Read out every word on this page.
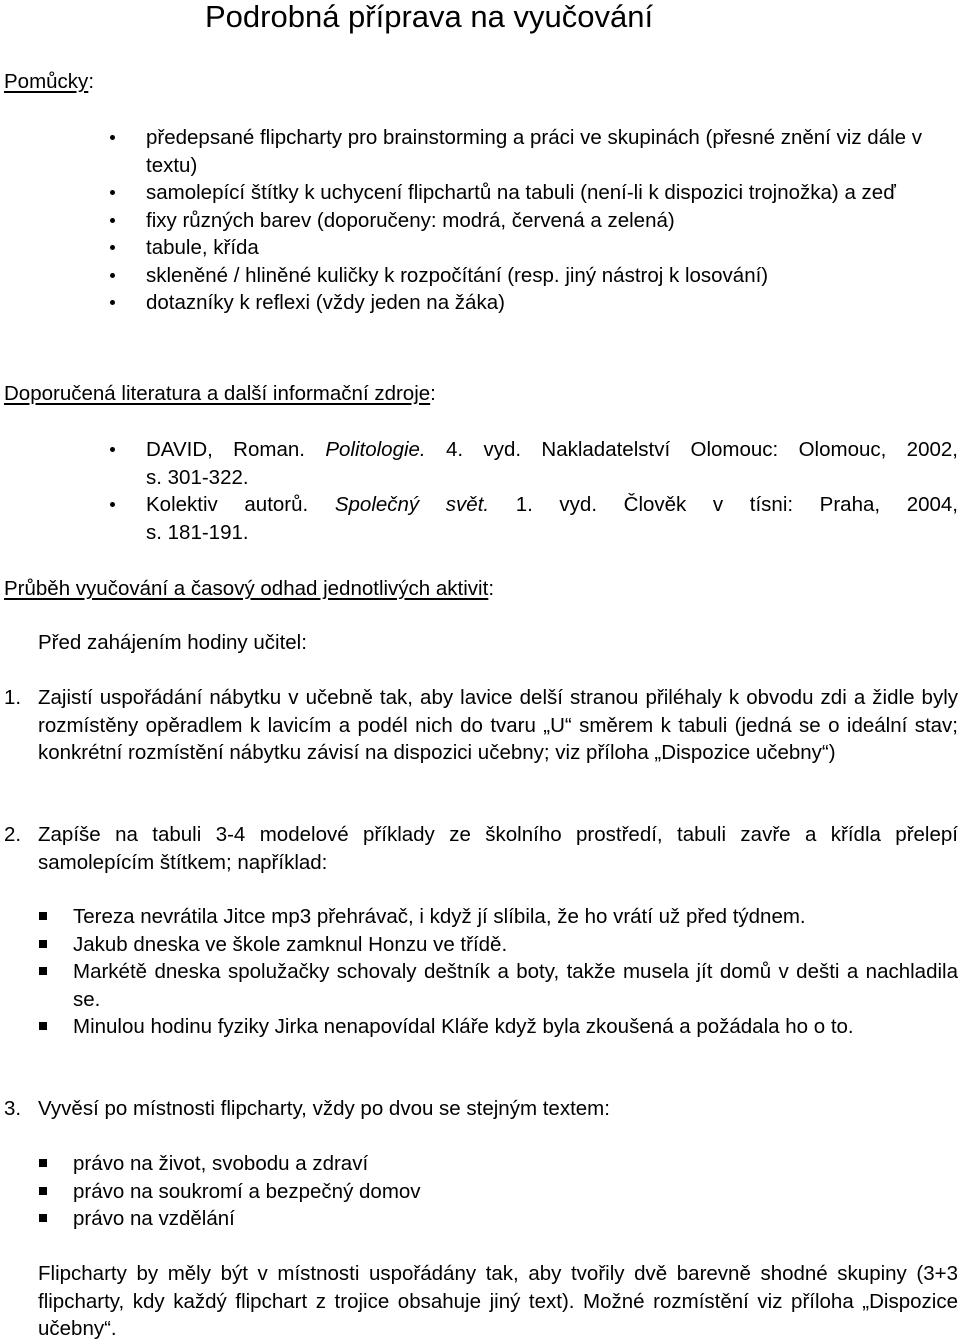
Podrobná příprava na vyučování
Pomůcky:
předepsané flipcharty pro brainstorming a práci ve skupinách (přesné znění viz dále v textu)
samolepící štítky k uchycení flipchartů na tabuli (není-li k dispozici trojnožka) a zeď
fixy různých barev (doporučeny: modrá, červená a zelená)
tabule, křída
skleněné / hliněné kuličky k rozpočítání (resp. jiný nástroj k losování)
dotazníky k reflexi (vždy jeden na žáka)
Doporučená literatura a další informační zdroje:
DAVID, Roman. Politologie. 4. vyd. Nakladatelství Olomouc: Olomouc, 2002,
s. 301-322.
Kolektiv autorů. Společný svět. 1. vyd. Člověk v tísni: Praha, 2004,
s. 181-191.
Průběh vyučování a časový odhad jednotlivých aktivit:
Před zahájením hodiny učitel:
1. Zajistí uspořádání nábytku v učebně tak, aby lavice delší stranou přiléhaly k obvodu zdi a židle byly rozmístěny opěradlem k lavicím a podél nich do tvaru „U“ směrem k tabuli (jedná se o ideální stav; konkrétní rozmístění nábytku závisí na dispozici učebny; viz příloha „Dispozice učebny“)
2. Zapíše na tabuli 3-4 modelové příklady ze školního prostředí, tabuli zavře a křídla přelepí samolepícím štítkem; například:
Tereza nevrátila Jitce mp3 přehrávač, i když jí slíbila, že ho vrátí už před týdnem.
Jakub dneska ve škole zamknul Honzu ve třídě.
Markétě dneska spolužačky schovaly deštník a boty, takže musela jít domů v dešti a nachladila se.
Minulou hodinu fyziky Jirka nenapovídal Kláře když byla zkoušená a požádala ho o to.
3. Vyvěsí po místnosti flipcharty, vždy po dvou se stejným textem:
právo na život, svobodu a zdraví
právo na soukromí a bezpečný domov
právo na vzdělání
Flipcharty by měly být v místnosti uspořádány tak, aby tvořily dvě barevně shodné skupiny (3+3 flipcharty, kdy každý flipchart z trojice obsahuje jiný text). Možné rozmístění viz příloha „Dispozice učebny“.
